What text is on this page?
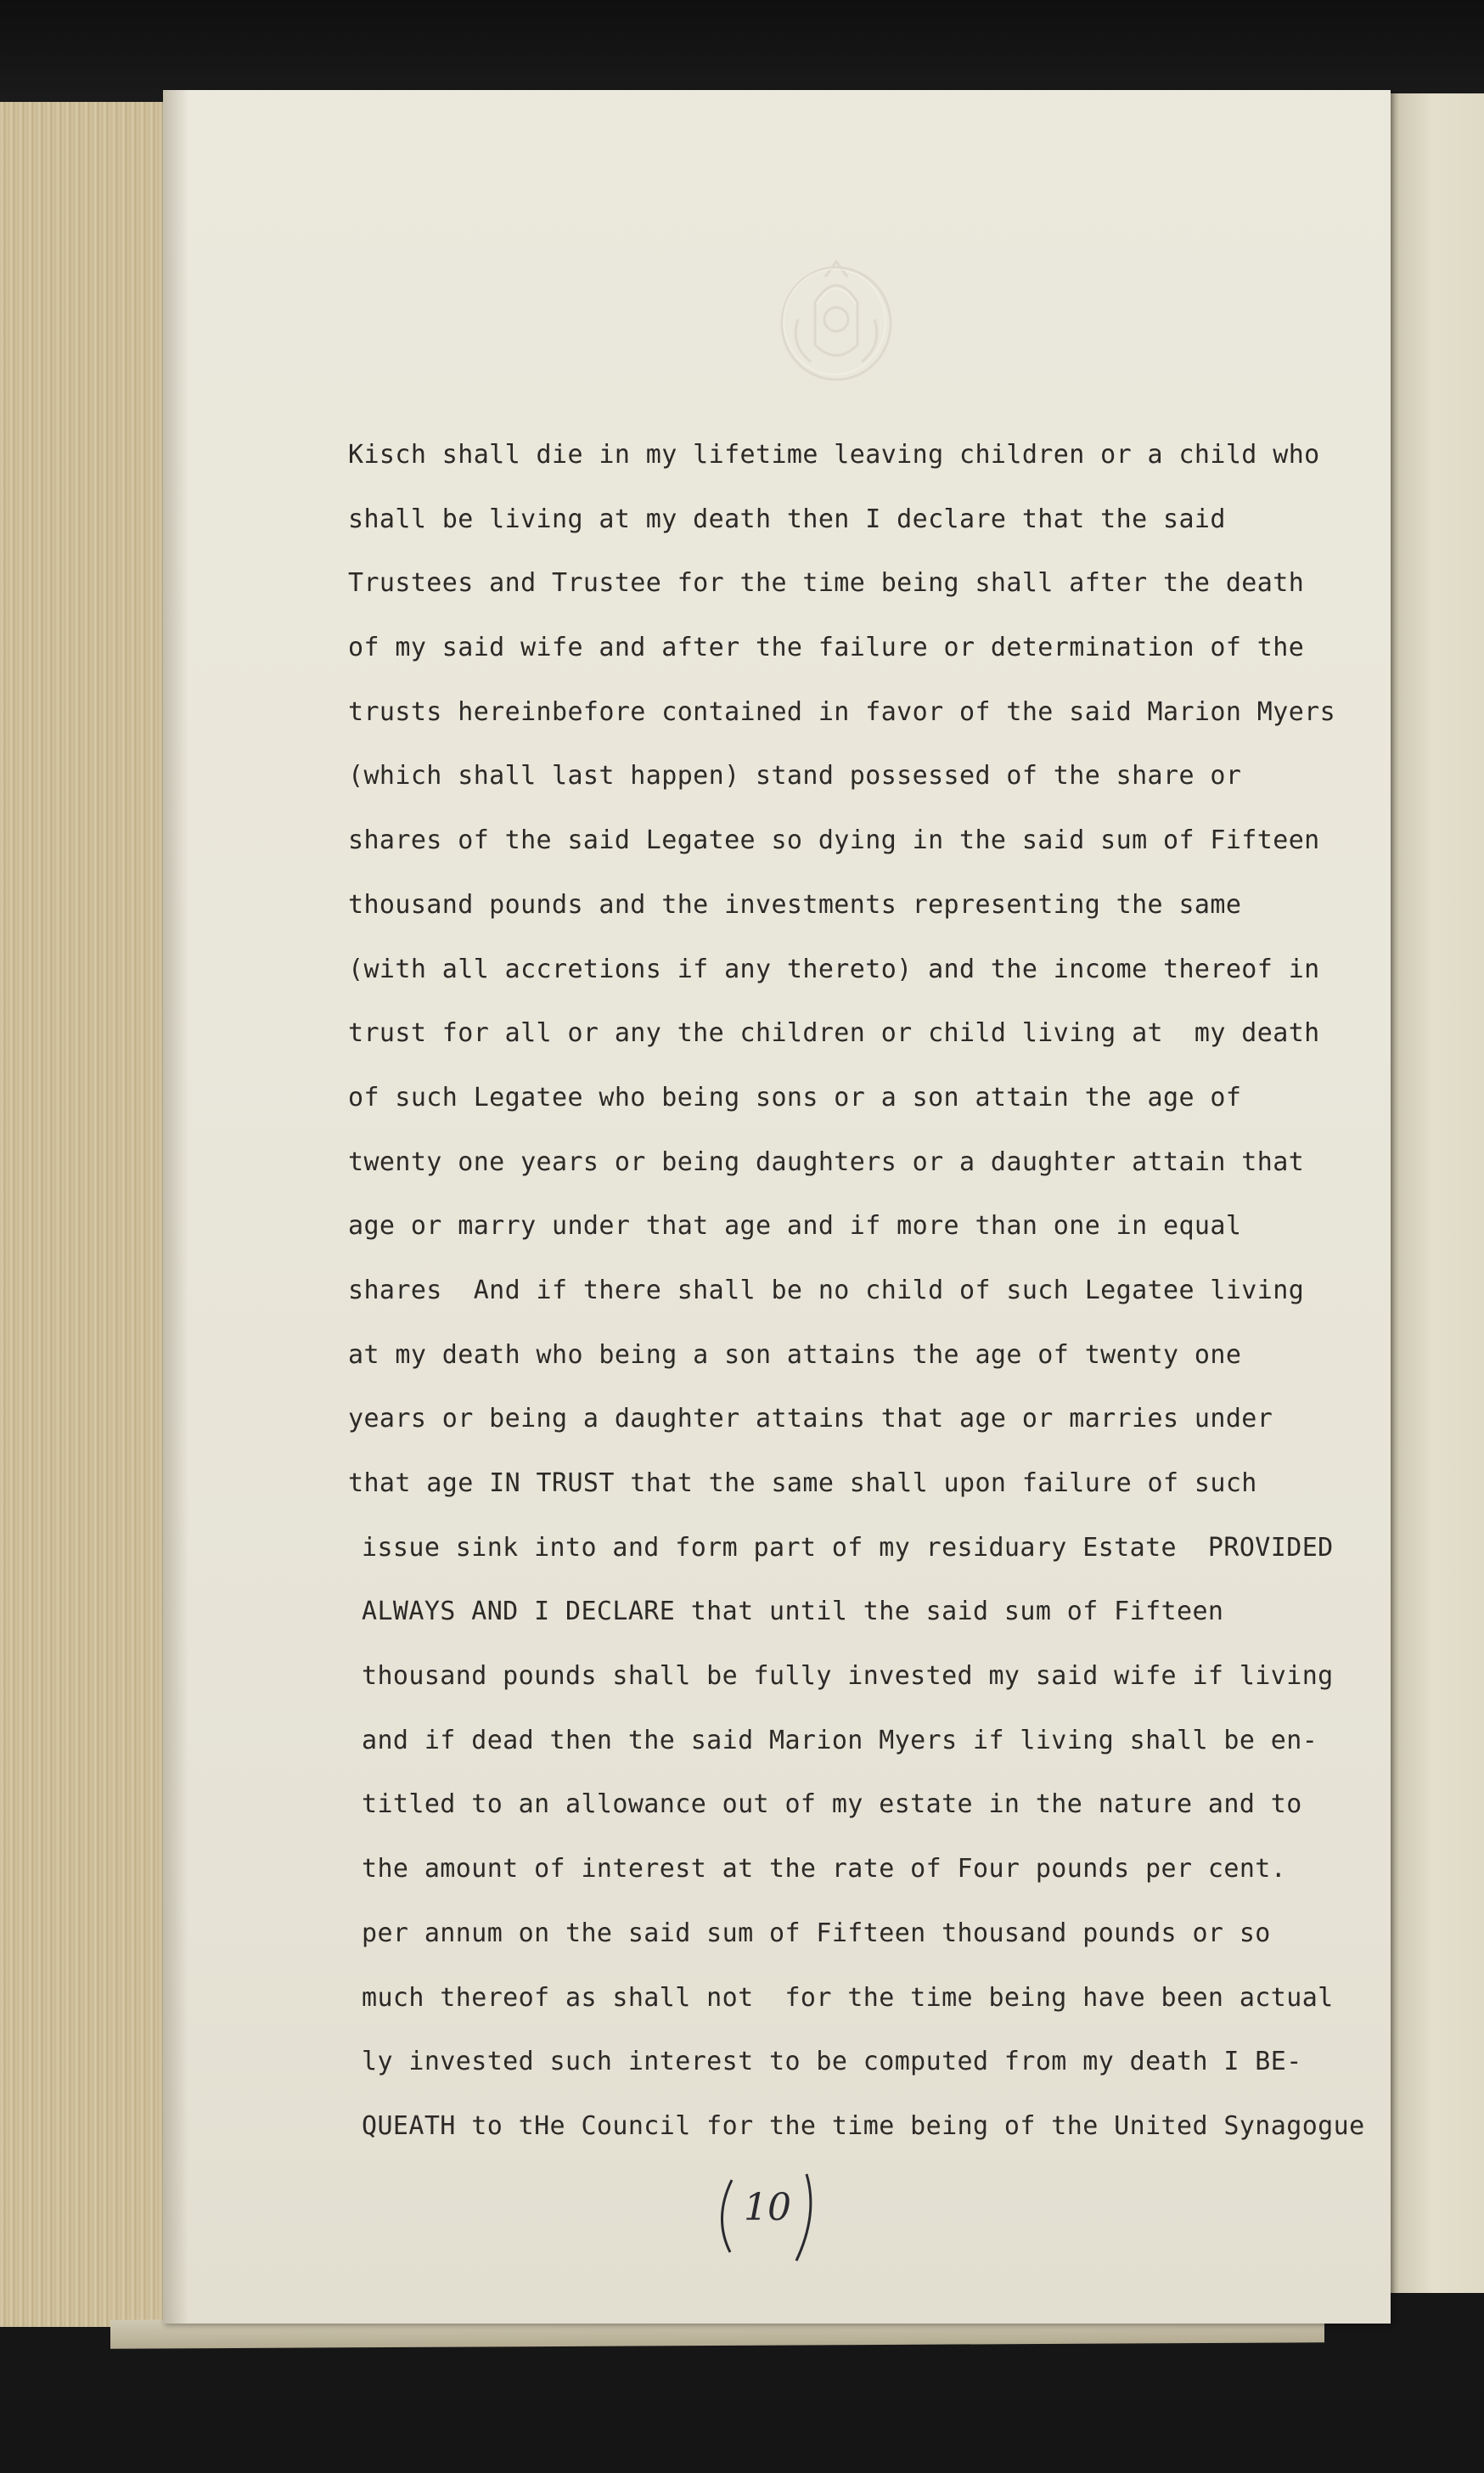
Kisch shall die in my lifetime leaving children or a child who
shall be living at my death then I declare that the said
Trustees and Trustee for the time being shall after the death
of my said wife and after the failure or determination of the
trusts hereinbefore contained in favor of the said Marion Myers
(which shall last happen) stand possessed of the share or
shares of the said Legatee so dying in the said sum of Fifteen
thousand pounds and the investments representing the same
(with all accretions if any thereto) and the income thereof in
trust for all or any the children or child living at  my death
of such Legatee who being sons or a son attain the age of
twenty one years or being daughters or a daughter attain that
age or marry under that age and if more than one in equal
shares  And if there shall be no child of such Legatee living
at my death who being a son attains the age of twenty one
years or being a daughter attains that age or marries under
that age IN TRUST that the same shall upon failure of such
issue sink into and form part of my residuary Estate  PROVIDED
ALWAYS AND I DECLARE that until the said sum of Fifteen
thousand pounds shall be fully invested my said wife if living
and if dead then the said Marion Myers if living shall be en-
titled to an allowance out of my estate in the nature and to
the amount of interest at the rate of Four pounds per cent.
per annum on the said sum of Fifteen thousand pounds or so
much thereof as shall not  for the time being have been actual
ly invested such interest to be computed from my death I BE-
QUEATH to tHe Council for the time being of the United Synagogue
10
